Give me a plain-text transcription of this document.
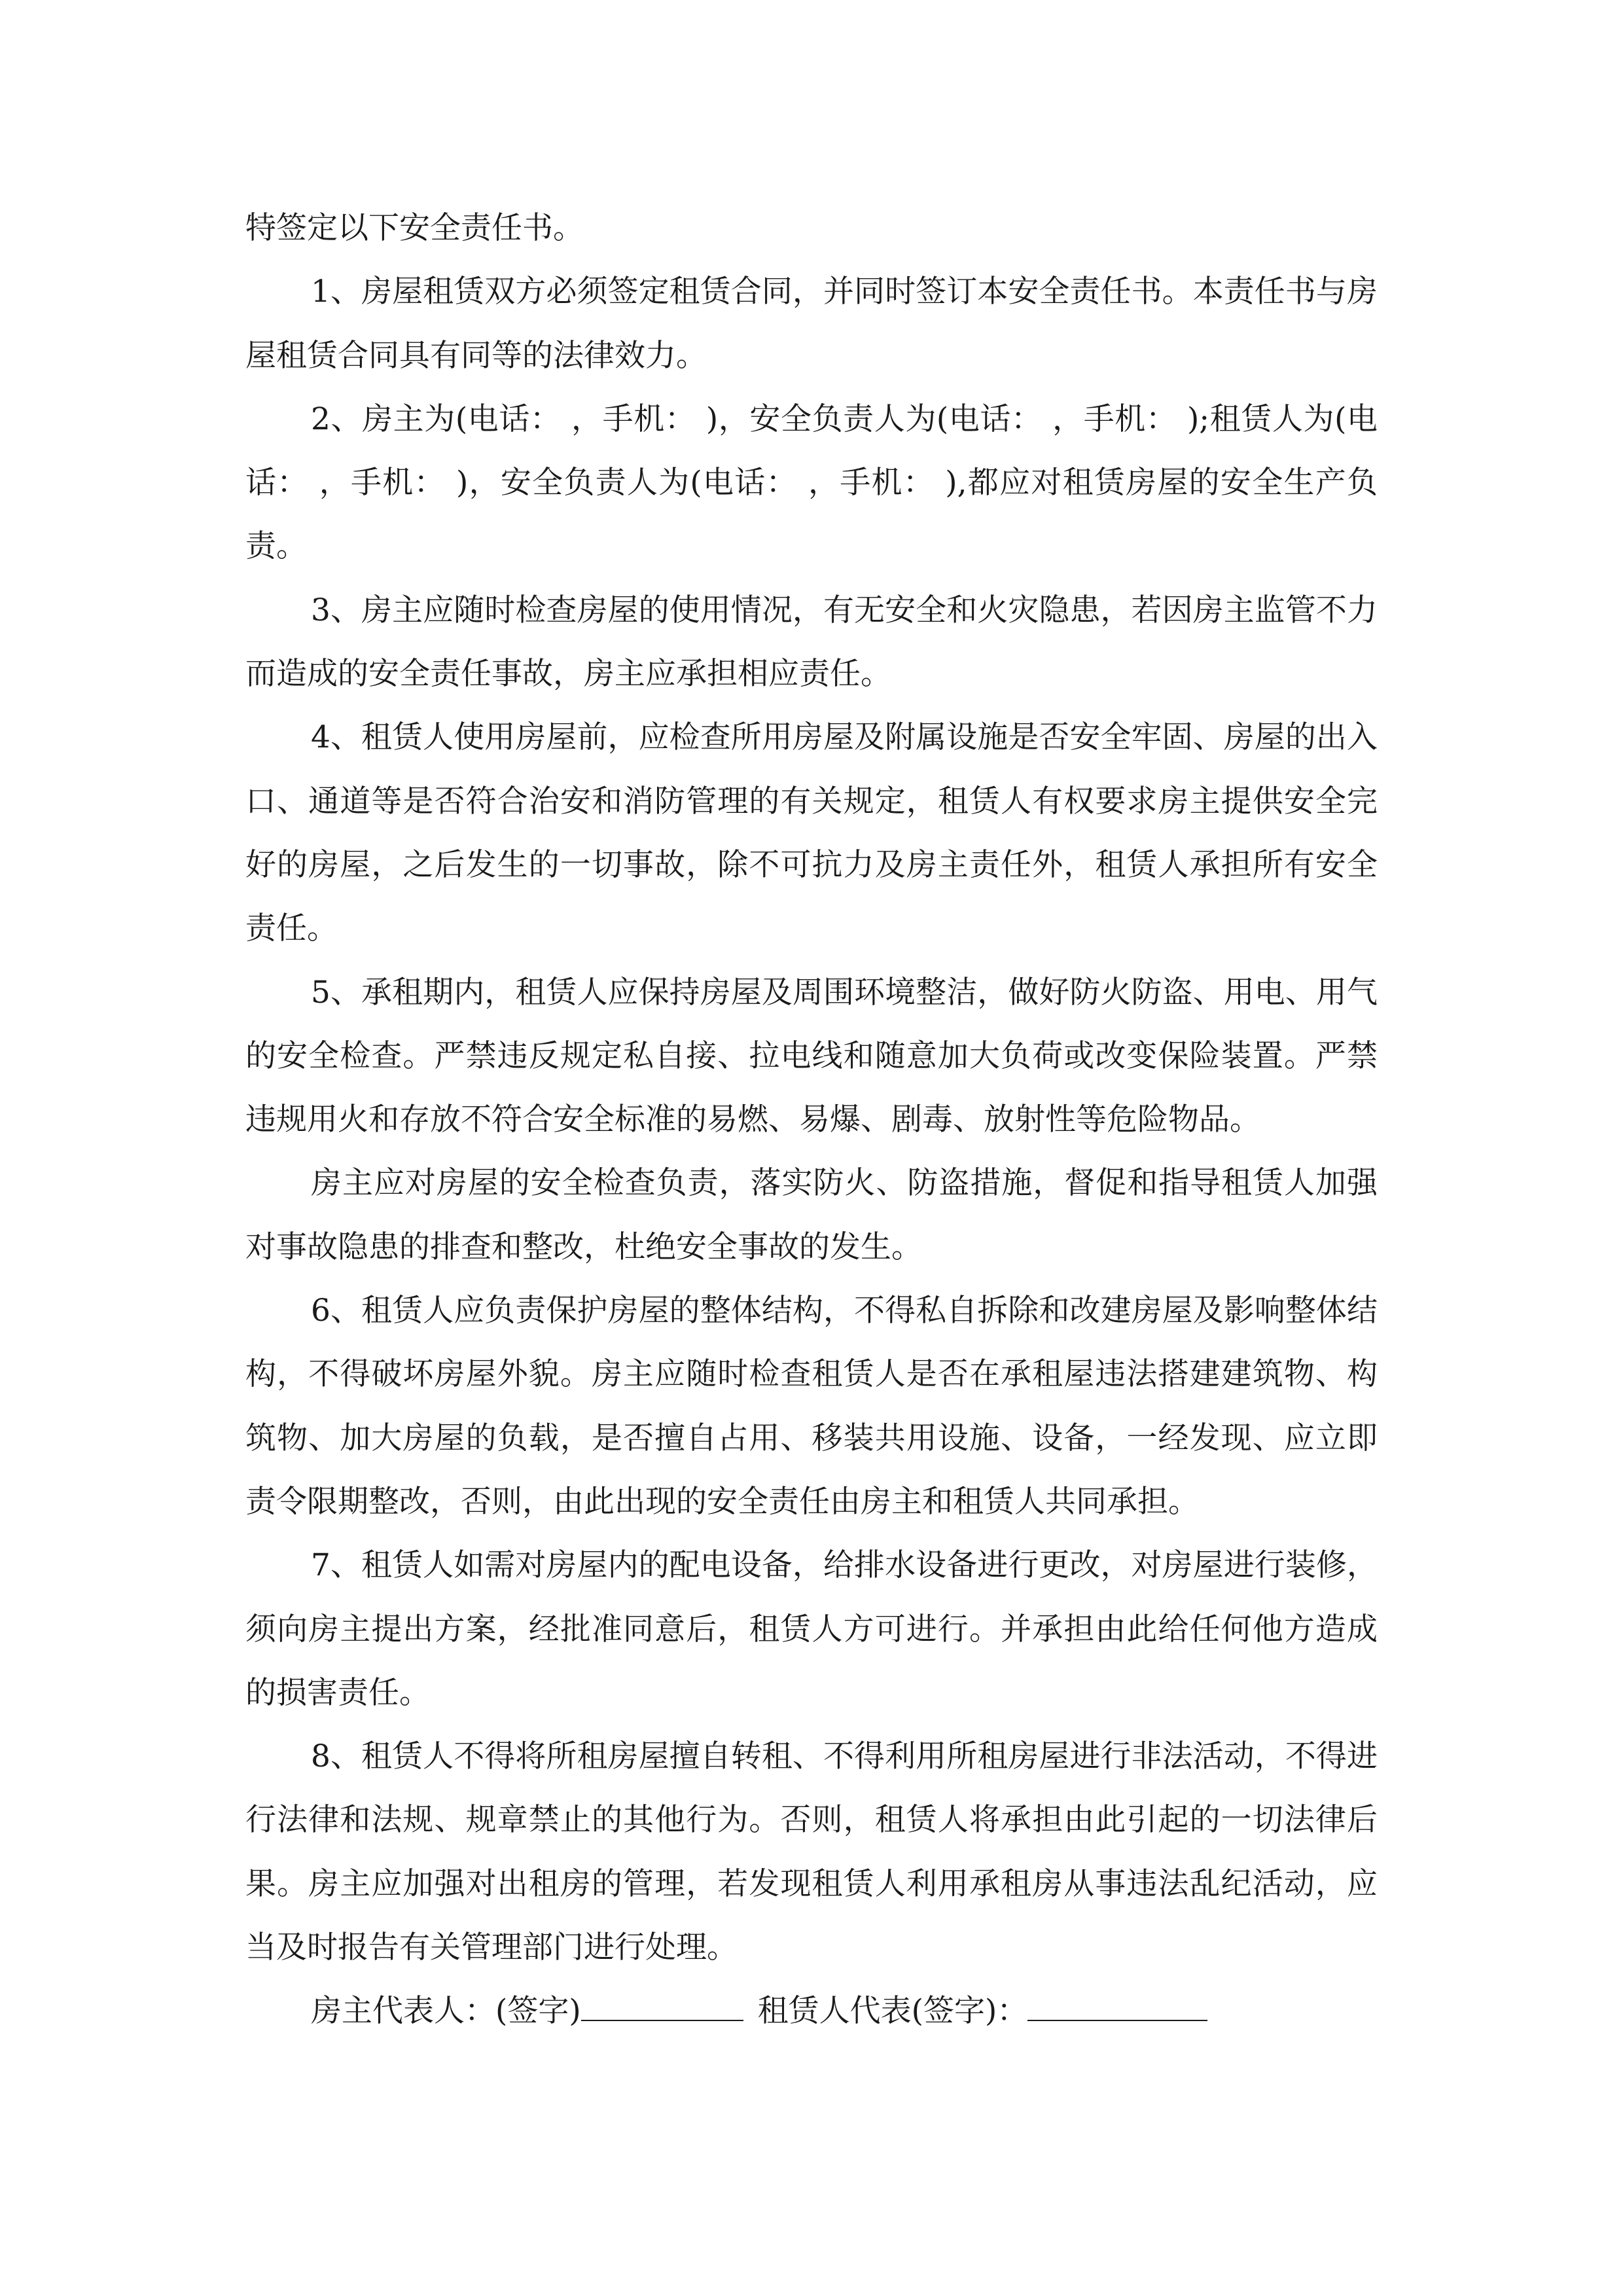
特签定以下安全责任书。

1、房屋租赁双方必须签定租赁合同，并同时签订本安全责任书。本责任书与房屋租赁合同具有同等的法律效力。

2、房主为(电话： ，手机： )，安全负责人为(电话： ，手机： );租赁人为(电话： ，手机： )，安全负责人为(电话： ，手机： ),都应对租赁房屋的安全生产负责。

3、房主应随时检查房屋的使用情况，有无安全和火灾隐患，若因房主监管不力而造成的安全责任事故，房主应承担相应责任。

4、租赁人使用房屋前，应检查所用房屋及附属设施是否安全牢固、房屋的出入口、通道等是否符合治安和消防管理的有关规定，租赁人有权要求房主提供安全完好的房屋，之后发生的一切事故，除不可抗力及房主责任外，租赁人承担所有安全责任。

5、承租期内，租赁人应保持房屋及周围环境整洁，做好防火防盗、用电、用气的安全检查。严禁违反规定私自接、拉电线和随意加大负荷或改变保险装置。严禁违规用火和存放不符合安全标准的易燃、易爆、剧毒、放射性等危险物品。

房主应对房屋的安全检查负责，落实防火、防盗措施，督促和指导租赁人加强对事故隐患的排查和整改，杜绝安全事故的发生。

6、租赁人应负责保护房屋的整体结构，不得私自拆除和改建房屋及影响整体结构，不得破坏房屋外貌。房主应随时检查租赁人是否在承租屋违法搭建建筑物、构筑物、加大房屋的负载，是否擅自占用、移装共用设施、设备，一经发现、应立即责令限期整改，否则，由此出现的安全责任由房主和租赁人共同承担。

7、租赁人如需对房屋内的配电设备，给排水设备进行更改，对房屋进行装修，须向房主提出方案，经批准同意后，租赁人方可进行。并承担由此给任何他方造成的损害责任。

8、租赁人不得将所租房屋擅自转租、不得利用所租房屋进行非法活动，不得进行法律和法规、规章禁止的其他行为。否则，租赁人将承担由此引起的一切法律后果。房主应加强对出租房的管理，若发现租赁人利用承租房从事违法乱纪活动，应当及时报告有关管理部门进行处理。

房主代表人：(签字)	租赁人代表(签字)：
